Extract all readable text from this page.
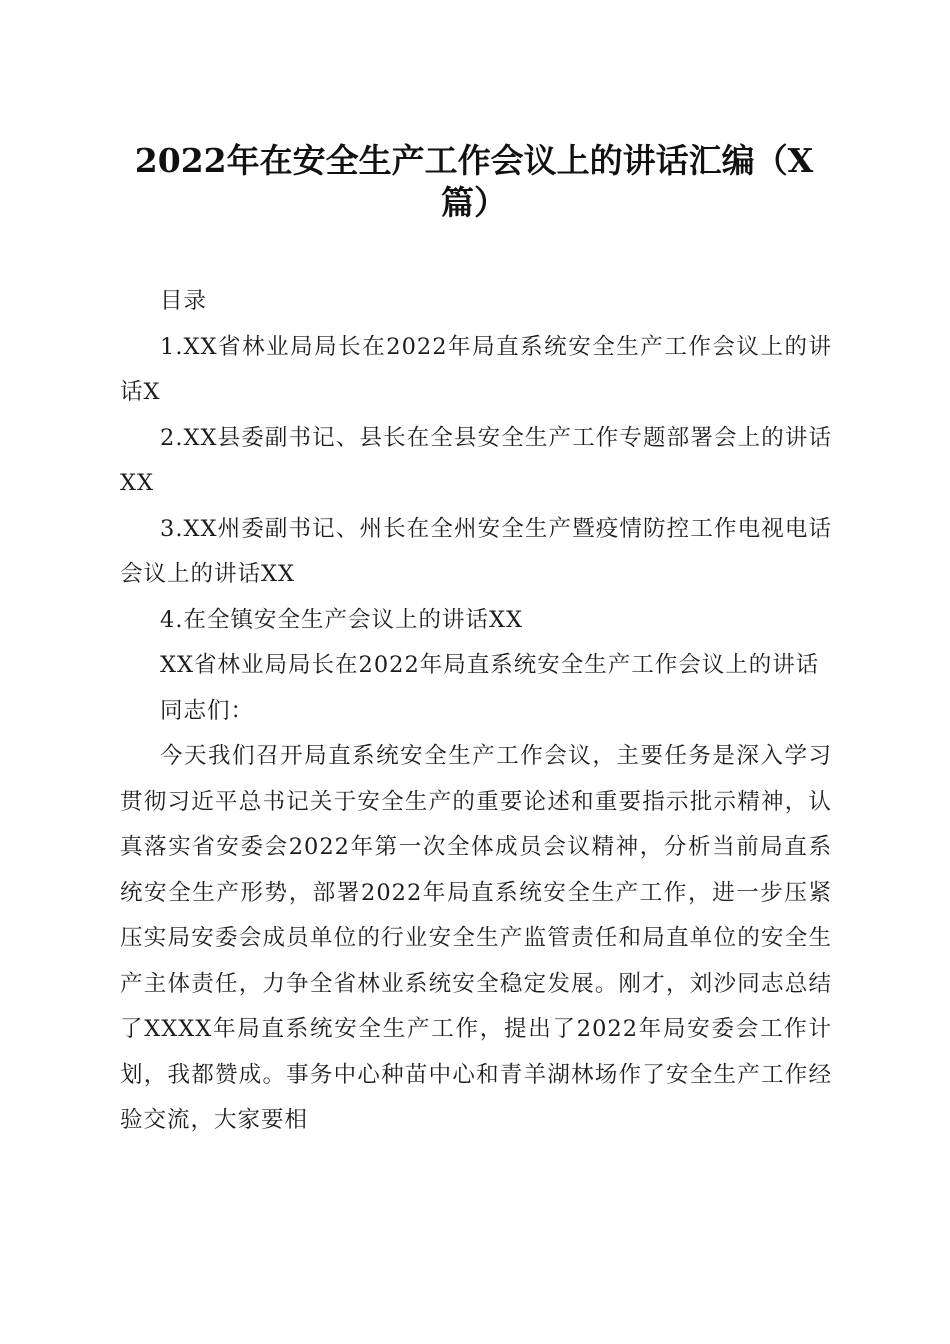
2022年在安全生产工作会议上的讲话汇编（X篇）

目录

1.XX省林业局局长在2022年局直系统安全生产工作会议上的讲话X

2.XX县委副书记、县长在全县安全生产工作专题部署会上的讲话XX

3.XX州委副书记、州长在全州安全生产暨疫情防控工作电视电话会议上的讲话XX

4.在全镇安全生产会议上的讲话XX

XX省林业局局长在2022年局直系统安全生产工作会议上的讲话

同志们：

今天我们召开局直系统安全生产工作会议，主要任务是深入学习贯彻习近平总书记关于安全生产的重要论述和重要指示批示精神，认真落实省安委会2022年第一次全体成员会议精神，分析当前局直系统安全生产形势，部署2022年局直系统安全生产工作，进一步压紧压实局安委会成员单位的行业安全生产监管责任和局直单位的安全生产主体责任，力争全省林业系统安全稳定发展。刚才，刘沙同志总结了XXXX年局直系统安全生产工作，提出了2022年局安委会工作计划，我都赞成。事务中心种苗中心和青羊湖林场作了安全生产工作经验交流，大家要相
